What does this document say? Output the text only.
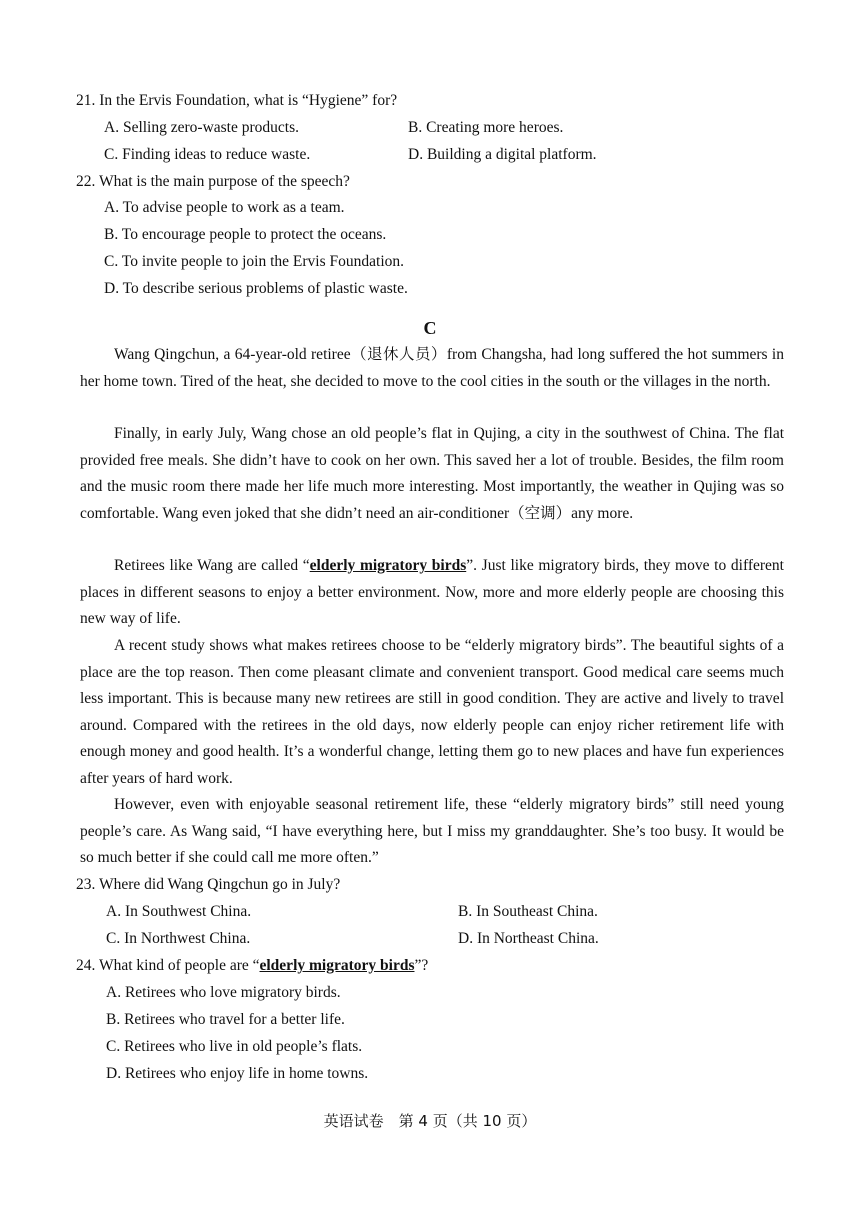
21. In the Ervis Foundation, what is “Hygiene” for?
A. Selling zero-waste products.	B. Creating more heroes.
C. Finding ideas to reduce waste.	D. Building a digital platform.
22. What is the main purpose of the speech?
A. To advise people to work as a team.
B. To encourage people to protect the oceans.
C. To invite people to join the Ervis Foundation.
D. To describe serious problems of plastic waste.
C
Wang Qingchun, a 64-year-old retiree（退休人员）from Changsha, had long suffered the hot summers in her home town. Tired of the heat, she decided to move to the cool cities in the south or the villages in the north.
Finally, in early July, Wang chose an old people’s flat in Qujing, a city in the southwest of China. The flat provided free meals. She didn’t have to cook on her own. This saved her a lot of trouble. Besides, the film room and the music room there made her life much more interesting. Most importantly, the weather in Qujing was so comfortable. Wang even joked that she didn’t need an air-conditioner（空调）any more.
Retirees like Wang are called “elderly migratory birds”. Just like migratory birds, they move to different places in different seasons to enjoy a better environment. Now, more and more elderly people are choosing this new way of life.
A recent study shows what makes retirees choose to be “elderly migratory birds”. The beautiful sights of a place are the top reason. Then come pleasant climate and convenient transport. Good medical care seems much less important. This is because many new retirees are still in good condition. They are active and lively to travel around. Compared with the retirees in the old days, now elderly people can enjoy richer retirement life with enough money and good health. It’s a wonderful change, letting them go to new places and have fun experiences after years of hard work.
However, even with enjoyable seasonal retirement life, these “elderly migratory birds” still need young people’s care. As Wang said, “I have everything here, but I miss my granddaughter. She’s too busy. It would be so much better if she could call me more often.”
23. Where did Wang Qingchun go in July?
A. In Southwest China.	B. In Southeast China.
C. In Northwest China.	D. In Northeast China.
24. What kind of people are “elderly migratory birds”?
A. Retirees who love migratory birds.
B. Retirees who travel for a better life.
C. Retirees who live in old people’s flats.
D. Retirees who enjoy life in home towns.
英语试卷　第 4 页（共 10 页）
